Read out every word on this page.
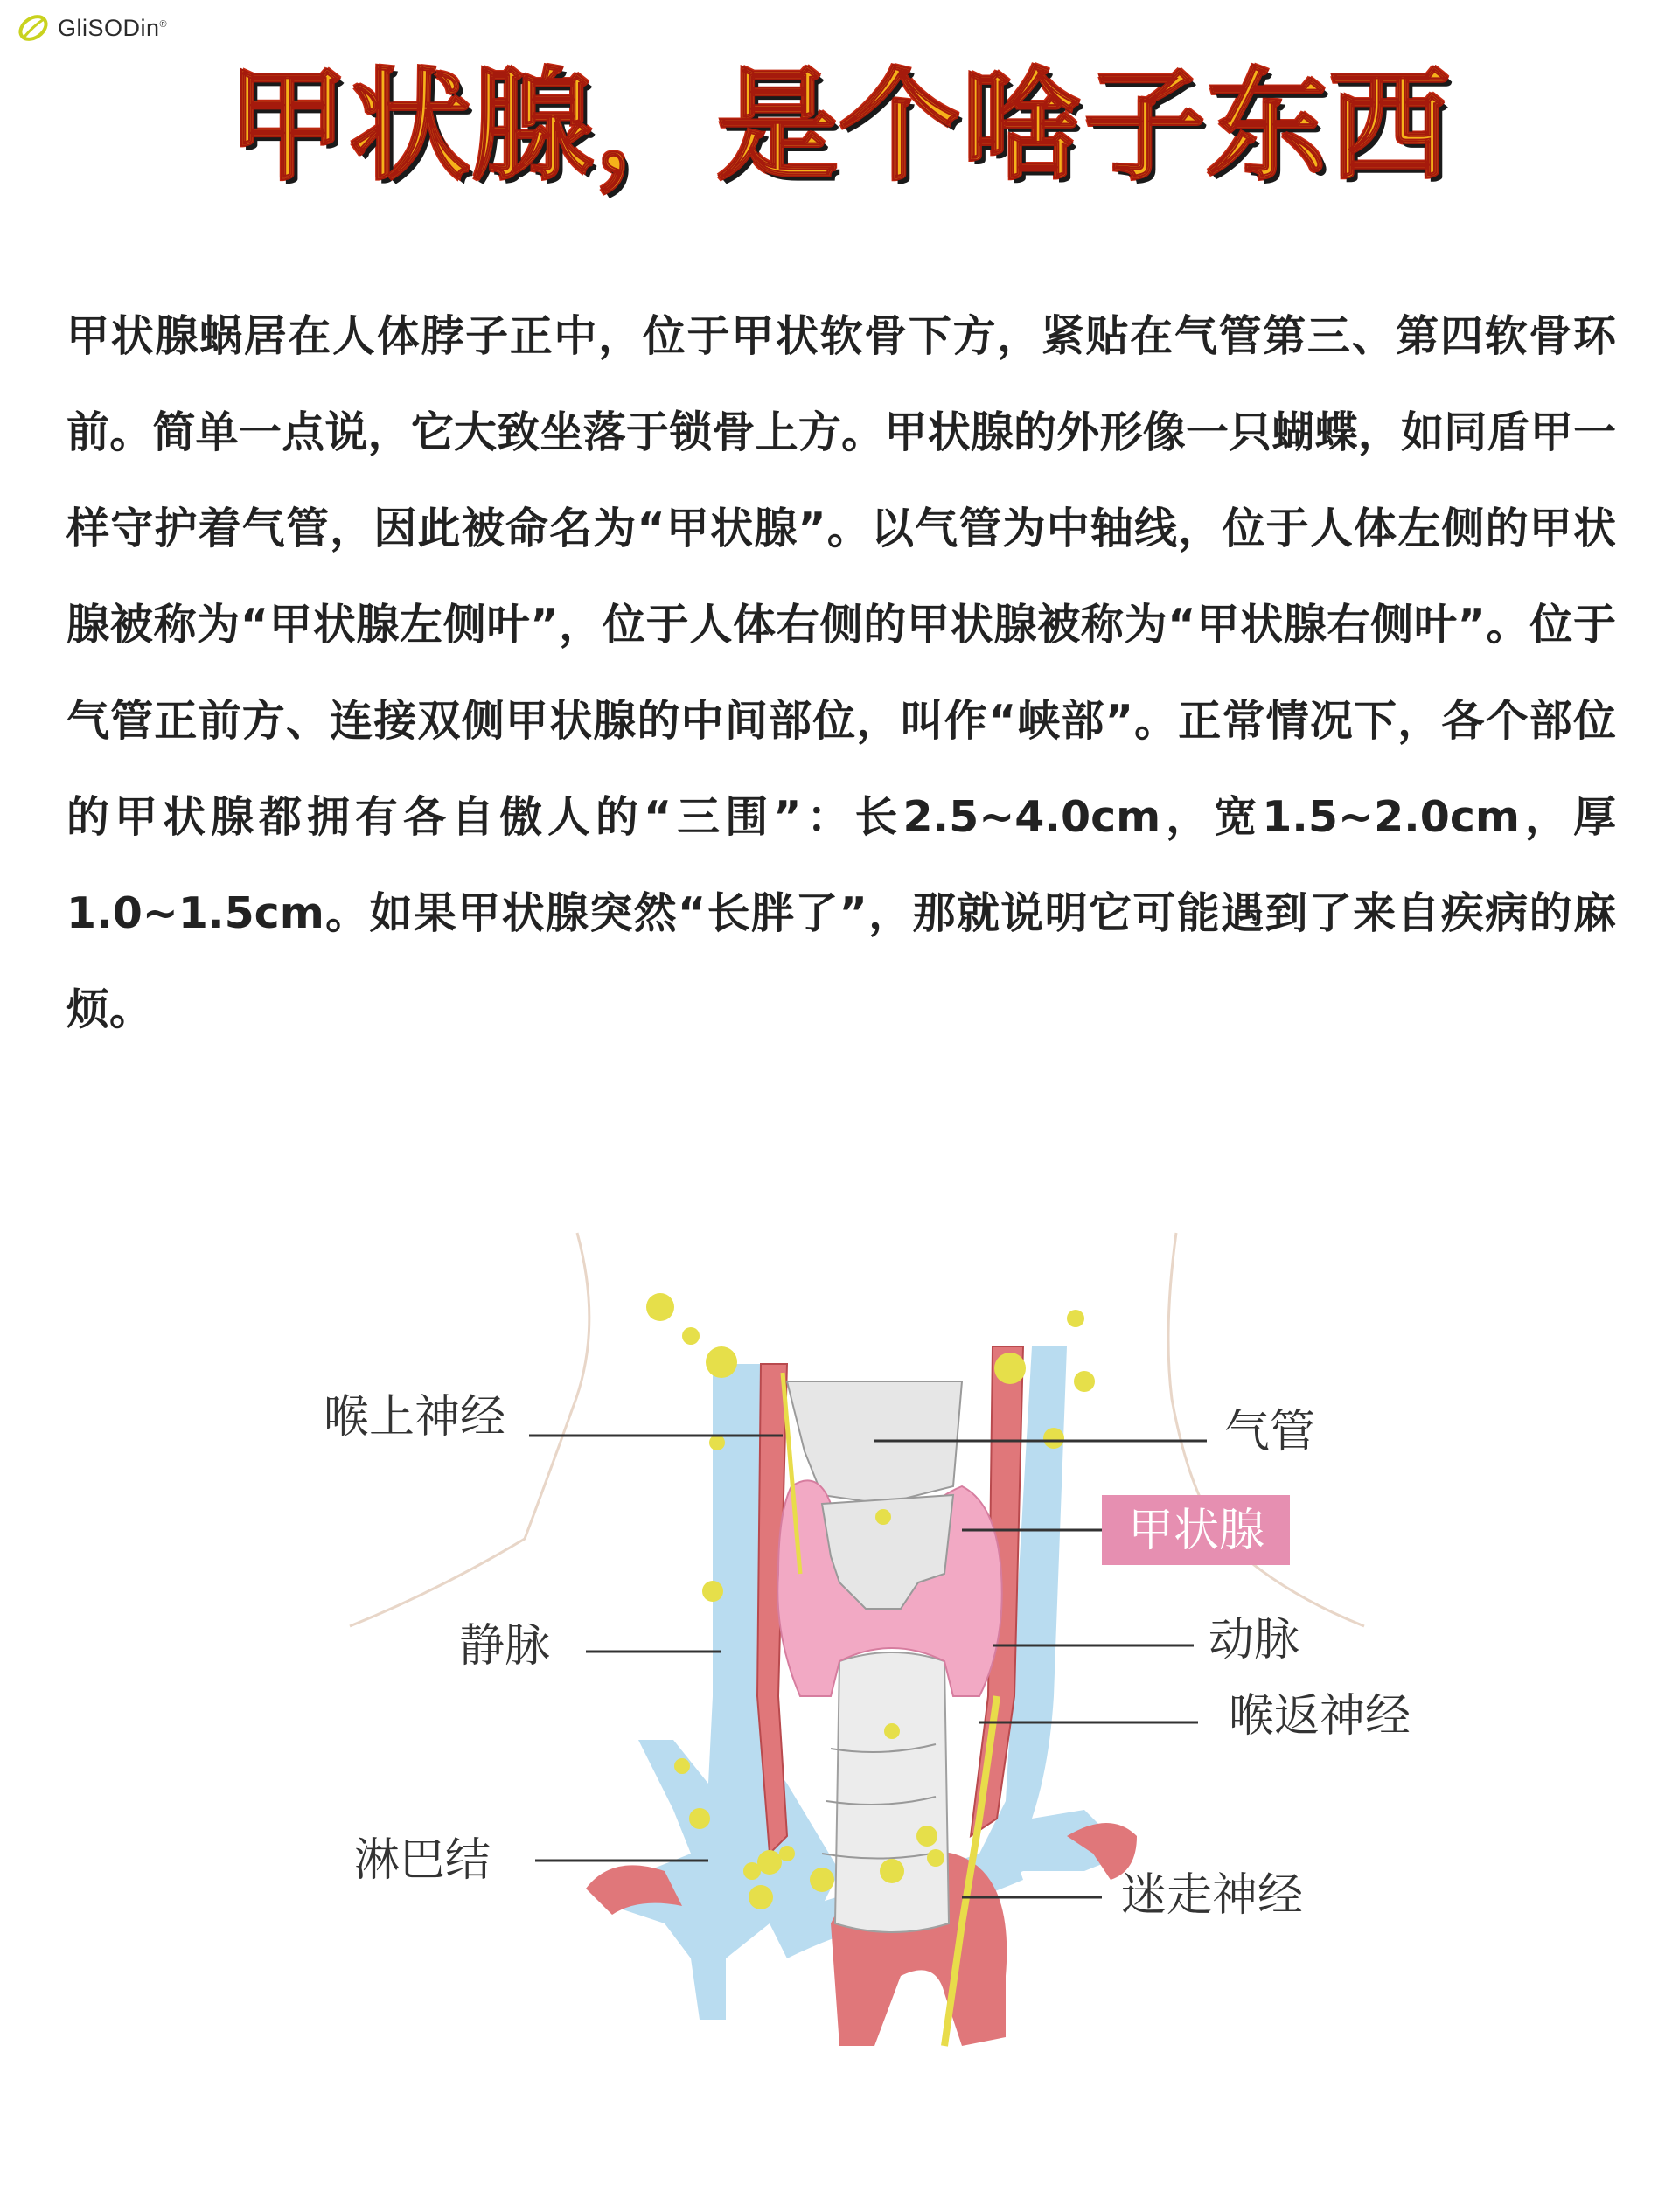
GliSODin®
甲状腺，是个啥子东西

甲状腺蜗居在人体脖子正中，位于甲状软骨下方，紧贴在气管第三、第四软骨环前。简单一点说，它大致坐落于锁骨上方。甲状腺的外形像一只蝴蝶，如同盾甲一样守护着气管，因此被命名为“甲状腺”。以气管为中轴线，位于人体左侧的甲状腺被称为“甲状腺左侧叶”，位于人体右侧的甲状腺被称为“甲状腺右侧叶”。位于气管正前方、连接双侧甲状腺的中间部位，叫作“峡部”。正常情况下，各个部位的甲状腺都拥有各自傲人的“三围”：长2.5~4.0cm，宽1.5~2.0cm，厚1.0~1.5cm。如果甲状腺突然“长胖了”，那就说明它可能遇到了来自疾病的麻烦。

喉上神经	气管
甲状腺
静脉	动脉
喉返神经
淋巴结
迷走神经
